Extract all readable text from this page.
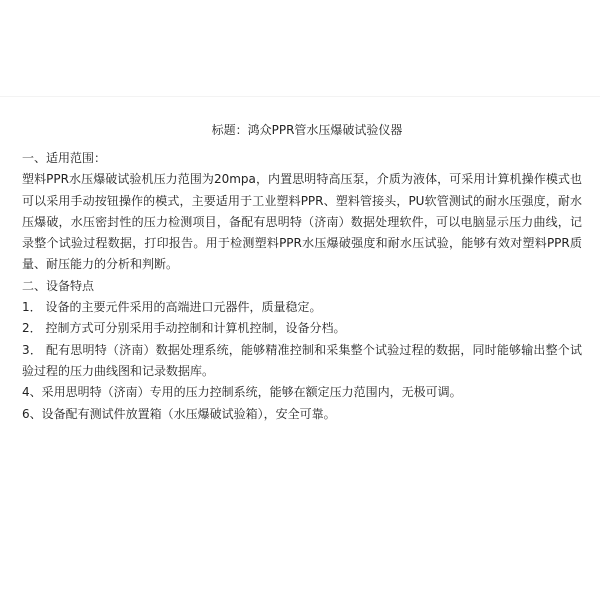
标题：鸿众PPR管水压爆破试验仪器

一、适用范围：

塑料PPR水压爆破试验机压力范围为20mpa，内置思明特高压泵，介质为液体，可采用计算机操作模式也可以采用手动按钮操作的模式，主要适用于工业塑料PPR、塑料管接头，PU软管测试的耐水压强度，耐水压爆破，水压密封性的压力检测项目，备配有思明特（济南）数据处理软件，可以电脑显示压力曲线，记录整个试验过程数据，打印报告。用于检测塑料PPR水压爆破强度和耐水压试验，能够有效对塑料PPR质量、耐压能力的分析和判断。

二、设备特点

1． 设备的主要元件采用的高端进口元器件，质量稳定。

2． 控制方式可分别采用手动控制和计算机控制，设备分档。

3． 配有思明特（济南）数据处理系统，能够精准控制和采集整个试验过程的数据，同时能够输出整个试验过程的压力曲线图和记录数据库。

4、采用思明特（济南）专用的压力控制系统，能够在额定压力范围内，无极可调。

6、设备配有测试件放置箱（水压爆破试验箱），安全可靠。
